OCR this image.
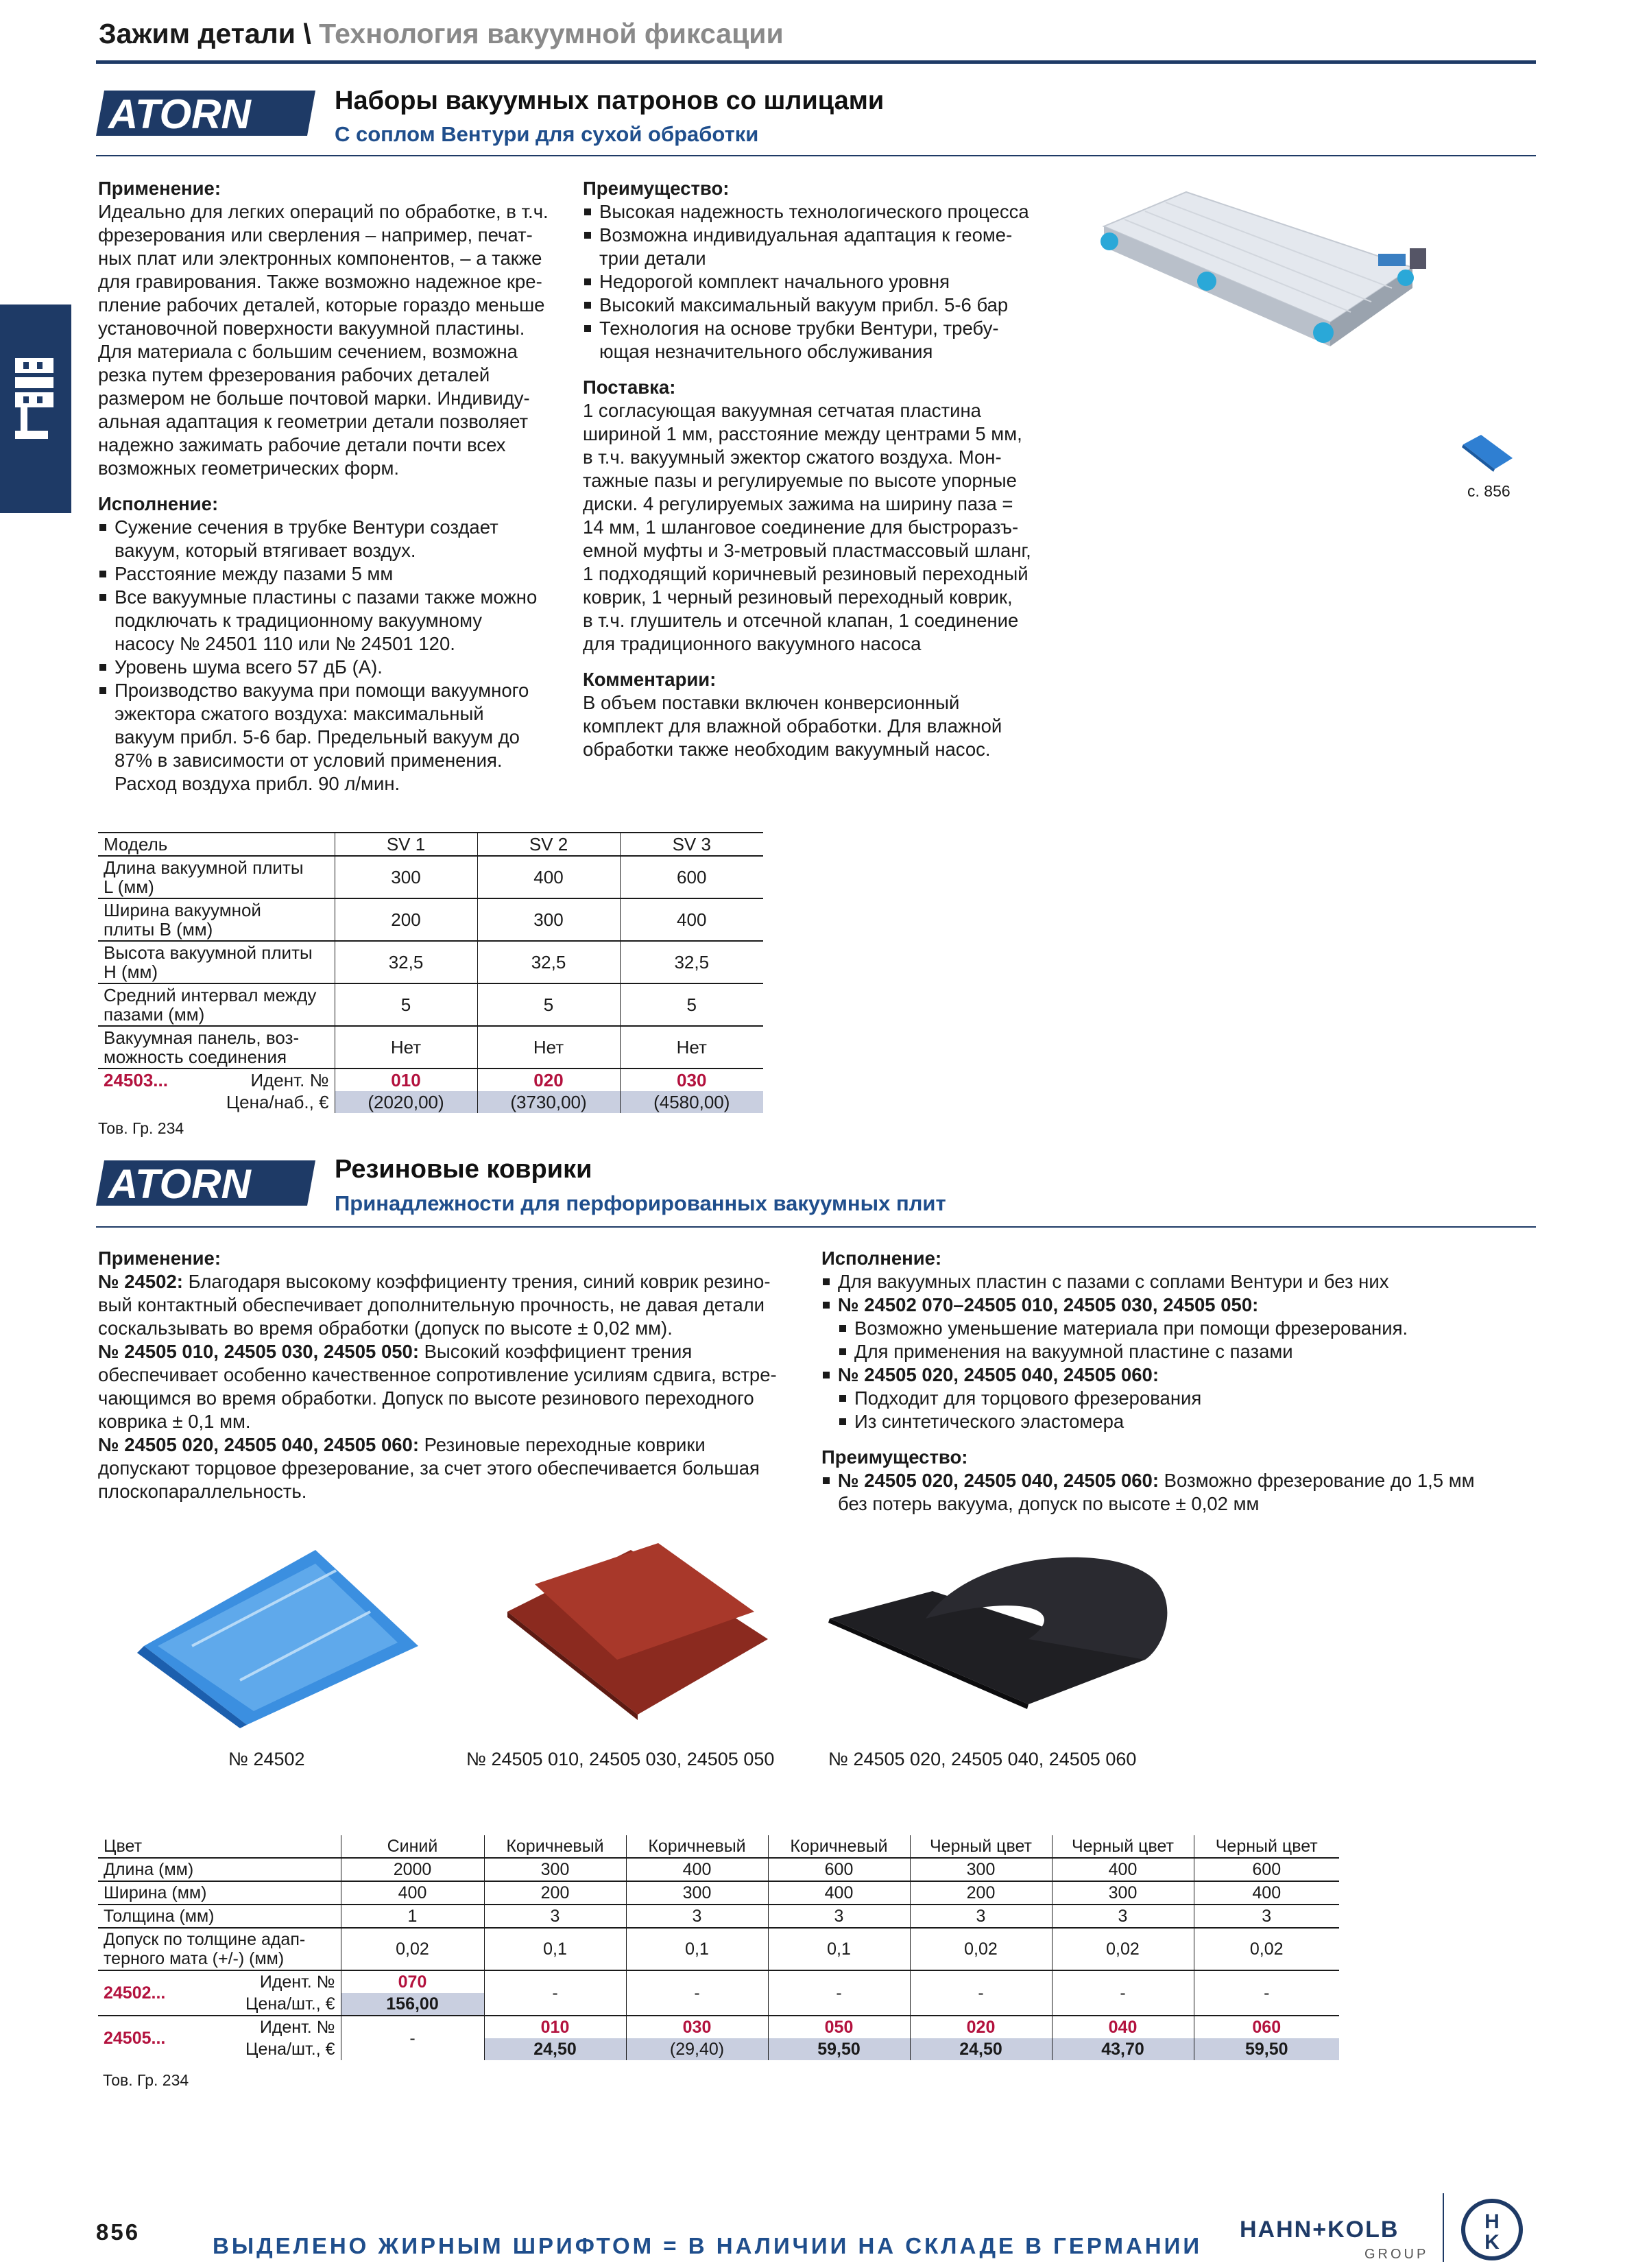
Зажим детали \ Технология вакуумной фиксации
ATORN	Наборы вакуумных патронов со шлицами
С соплом Вентури для сухой обработки
Применение:
Идеально для легких операций по обработке, в т.ч.
фрезерования или сверления – например, печат-
ных плат или электронных компонентов, – а также
для гравирования. Также возможно надежное кре-
пление рабочих деталей, которые гораздо меньше
установочной поверхности вакуумной пластины.
Для материала с большим сечением, возможна
резка путем фрезерования рабочих деталей
размером не больше почтовой марки. Индивиду-
альная адаптация к геометрии детали позволяет
надежно зажимать рабочие детали почти всех
возможных геометрических форм.
Исполнение:
Сужение сечения в трубке Вентури создает
вакуум, который втягивает воздух.
Расстояние между пазами 5 мм
Все вакуумные пластины с пазами также можно
подключать к традиционному вакуумному
насосу № 24501 110 или № 24501 120.
Уровень шума всего 57 дБ (A).
Производство вакуума при помощи вакуумного
эжектора сжатого воздуха: максимальный
вакуум прибл. 5-6 бар. Предельный вакуум до
87% в зависимости от условий применения.
Расход воздуха прибл. 90 л/мин.
Преимущество:
Высокая надежность технологического процесса
Возможна индивидуальная адаптация к геоме-
трии детали
Недорогой комплект начального уровня
Высокий максимальный вакуум прибл. 5-6 бар
Технология на основе трубки Вентури, требу-
ющая незначительного обслуживания
Поставка:
1 согласующая вакуумная сетчатая пластина
шириной 1 мм, расстояние между центрами 5 мм,
в т.ч. вакуумный эжектор сжатого воздуха. Мон-
тажные пазы и регулируемые по высоте упорные
диски. 4 регулируемых зажима на ширину паза =
14 мм, 1 шланговое соединение для быстроразъ-
емной муфты и 3-метровый пластмассовый шланг,
1 подходящий коричневый резиновый переходный
коврик, 1 черный резиновый переходный коврик,
в т.ч. глушитель и отсечной клапан, 1 соединение
для традиционного вакуумного насоса
Комментарии:
В объем поставки включен конверсионный
комплект для влажной обработки. Для влажной
обработки также необходим вакуумный насос.
с. 856
Модель	SV 1	SV 2	SV 3
Длина вакуумной плиты
L (мм)	300	400	600
Ширина вакуумной
плиты B (мм)	200	300	400
Высота вакуумной плиты
H (мм)	32,5	32,5	32,5
Средний интервал между
пазами (мм)	5	5	5
Вакуумная панель, воз-
можность соединения	Нет	Нет	Нет

24503... Идент. №	010	020	030
Цена/наб., €	(2020,00)	(3730,00)	(4580,00)
Тов. Гр. 234
ATORN	Резиновые коврики
Принадлежности для перфорированных вакуумных плит
Применение:

№ 24502: Благодаря высокому коэффициенту трения, синий коврик резино-
вый контактный обеспечивает дополнительную прочность, не давая детали
соскальзывать во время обработки (допуск по высоте ± 0,02 мм).

№ 24505 010, 24505 030, 24505 050: Высокий коэффициент трения
обеспечивает особенно качественное сопротивление усилиям сдвига, встре-
чающимся во время обработки. Допуск по высоте резинового переходного
коврика ± 0,1 мм.

№ 24505 020, 24505 040, 24505 060: Резиновые переходные коврики
допускают торцовое фрезерование, за счет этого обеспечивается большая
плоскопараллельность.

Исполнение:
Для вакуумных пластин с пазами с соплами Вентури и без них
№ 24502 070–24505 010, 24505 030, 24505 050:
Возможно уменьшение материала при помощи фрезерования.
Для применения на вакуумной пластине с пазами
№ 24505 020, 24505 040, 24505 060:
Подходит для торцового фрезерования
Из синтетического эластомера
Преимущество:
№ 24505 020, 24505 040, 24505 060: Возможно фрезерование до 1,5 мм
без потерь вакуума, допуск по высоте ± 0,02 мм
№ 24502	№ 24505 010, 24505 030, 24505 050	№ 24505 020, 24505 040, 24505 060
Цвет		Синий	Коричневый	Коричневый	Коричневый	Черный цвет	Черный цвет	Черный цвет
Длина (мм)		2000	300	400	600	300	400	600
Ширина (мм)		400	200	300	400	200	300	400
Толщина (мм)		1	3	3	3	3	3	3
Допуск по толщине адап-
терного мата (+/-) (мм)		0,02	0,1	0,1	0,1	0,02	0,02	0,02
24502...	Идент. №	070	-	-	-	-	-	-
	Цена/шт., €	156,00						
24505...	Идент. №	-	010	030	050	020	040	060
	Цена/шт., €		24,50	(29,40)	59,50	24,50	43,70	59,50
Тов. Гр. 234
856
ВЫДЕЛЕНО ЖИРНЫМ ШРИФТОМ = В НАЛИЧИИ НА СКЛАДЕ В ГЕРМАНИИ
HAHN+KOLB
GROUP
H
K
